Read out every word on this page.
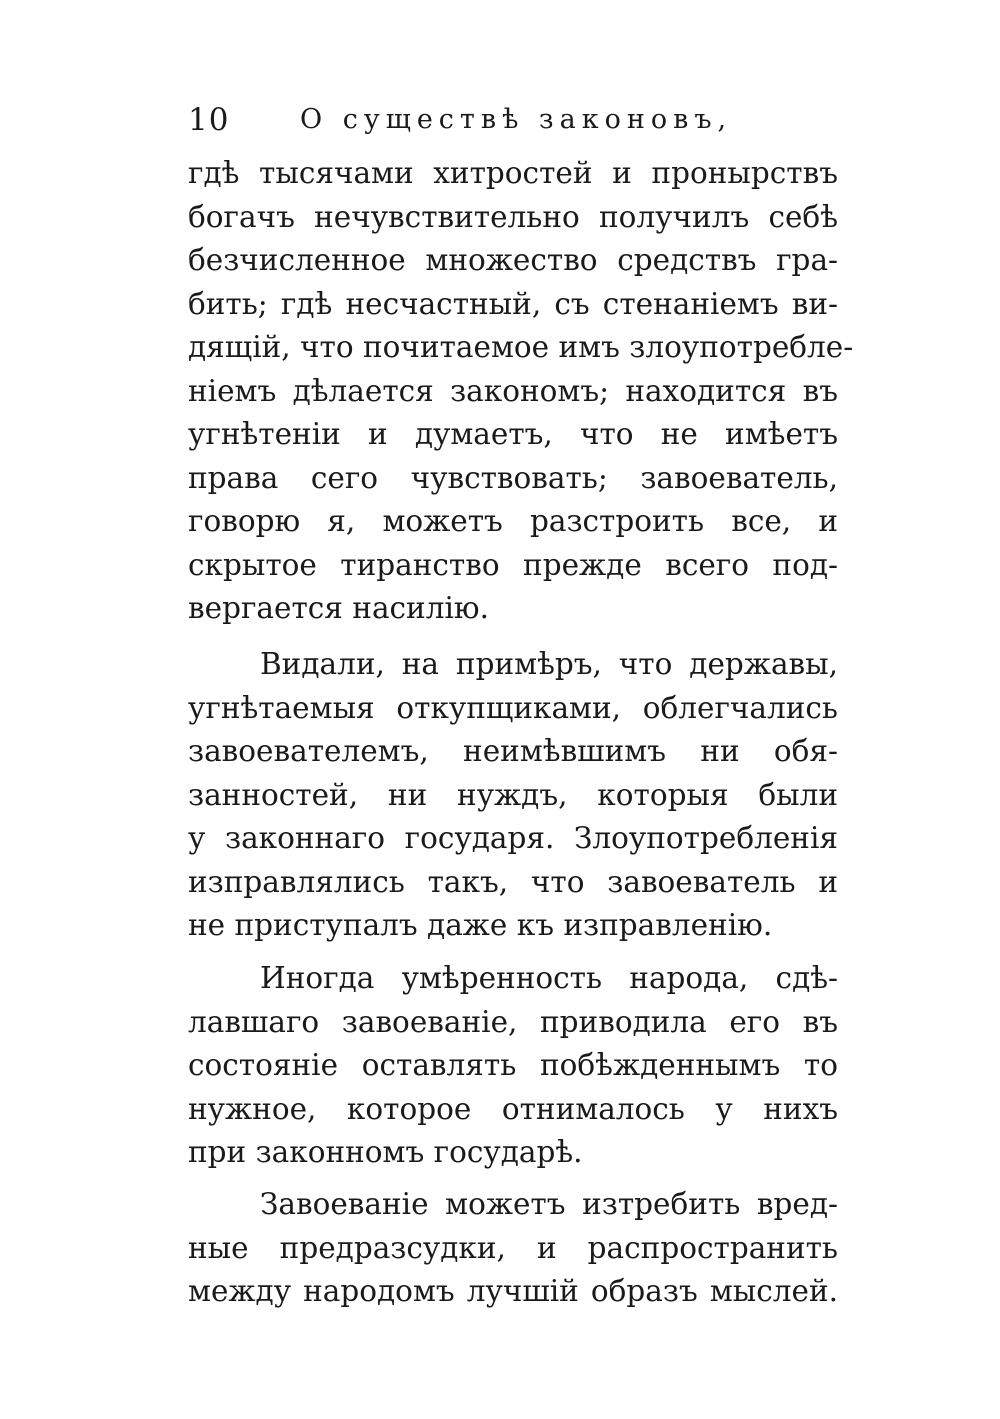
10	О существѣ законовъ,
гдѣ тысячами хитростей и пронырствъ
богачъ нечувствительно получилъ себѣ
безчисленное множество средствъ гра-
бить; гдѣ несчастный, съ стенаніемъ ви-
дящій, что почитаемое имъ злоупотребле-
ніемъ дѣлается закономъ; находится въ
угнѣтеніи и думаетъ, что не имѣетъ
права сего чувствовать; завоеватель,
говорю я, можетъ разстроить все, и
скрытое тиранство прежде всего под-
вергается насилію.
Видали, на примѣръ, что державы,
угнѣтаемыя откупщиками, облегчались
завоевателемъ, неимѣвшимъ ни обя-
занностей, ни нуждъ, которыя были
у законнаго государя. Злоупотребленія
изправлялись такъ, что завоеватель и
не приступалъ даже къ изправленію.
Иногда умѣренность народа, сдѣ-
лавшаго завоеваніе, приводила его въ
состояніе оставлять побѣжденнымъ то
нужное, которое отнималось у нихъ
при законномъ государѣ.
Завоеваніе можетъ изтребить вред-
ные предразсудки, и распространить
между народомъ лучшій образъ мыслей.
